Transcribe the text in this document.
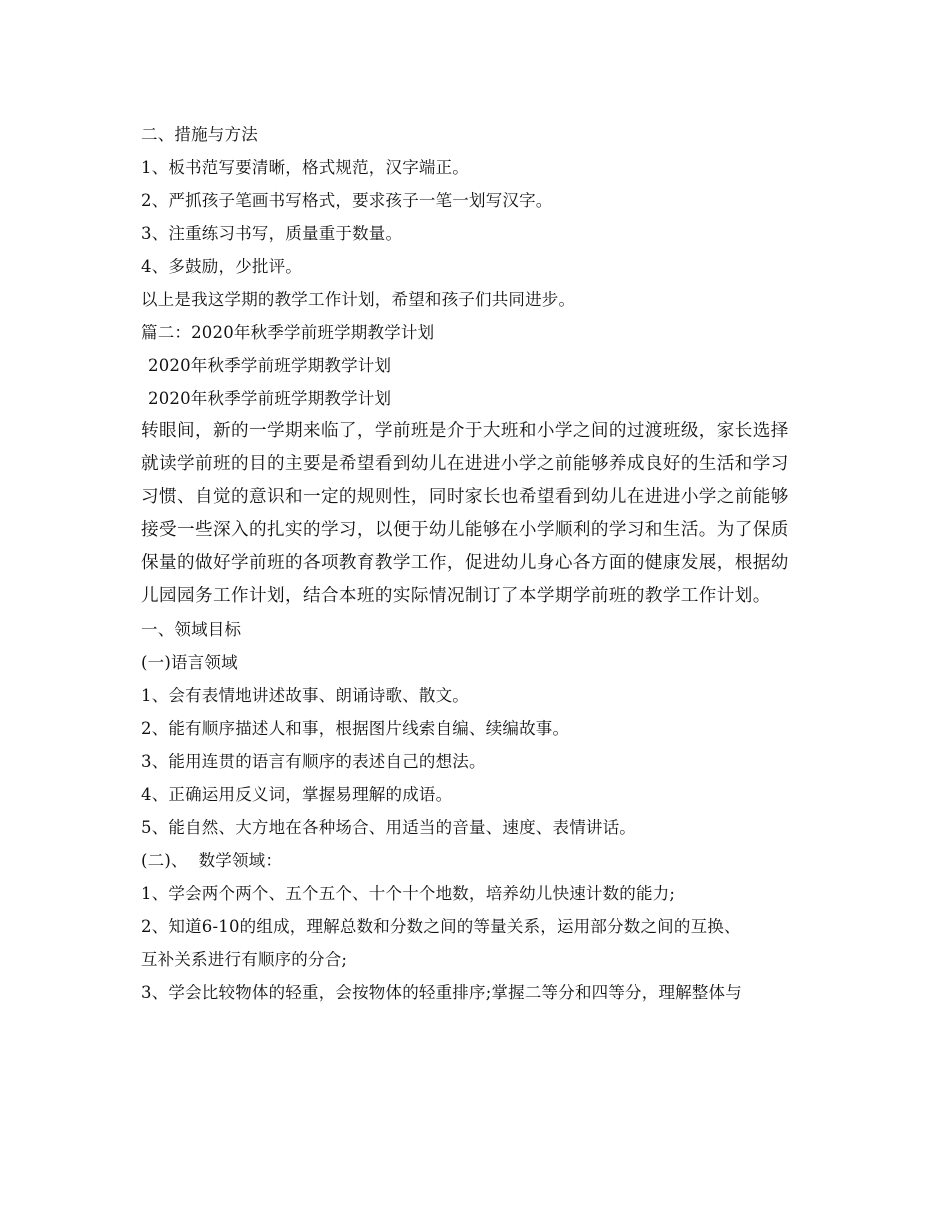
二、措施与方法
1、板书范写要清晰，格式规范，汉字端正。
2、严抓孩子笔画书写格式，要求孩子一笔一划写汉字。
3、注重练习书写，质量重于数量。
4、多鼓励，少批评。
以上是我这学期的教学工作计划，希望和孩子们共同进步。
篇二：2020年秋季学前班学期教学计划
2020年秋季学前班学期教学计划
2020年秋季学前班学期教学计划
转眼间，新的一学期来临了，学前班是介于大班和小学之间的过渡班级，家长选择
就读学前班的目的主要是希望看到幼儿在进进小学之前能够养成良好的生活和学习
习惯、自觉的意识和一定的规则性，同时家长也希望看到幼儿在进进小学之前能够
接受一些深入的扎实的学习，以便于幼儿能够在小学顺利的学习和生活。为了保质
保量的做好学前班的各项教育教学工作，促进幼儿身心各方面的健康发展，根据幼
儿园园务工作计划，结合本班的实际情况制订了本学期学前班的教学工作计划。
一、领域目标
(一)语言领域
1、会有表情地讲述故事、朗诵诗歌、散文。
2、能有顺序描述人和事，根据图片线索自编、续编故事。
3、能用连贯的语言有顺序的表述自己的想法。
4、正确运用反义词，掌握易理解的成语。
5、能自然、大方地在各种场合、用适当的音量、速度、表情讲话。
(二)、  数学领域：
1、学会两个两个、五个五个、十个十个地数，培养幼儿快速计数的能力;
2、知道6-10的组成，理解总数和分数之间的等量关系，运用部分数之间的互换、
互补关系进行有顺序的分合;
3、学会比较物体的轻重，会按物体的轻重排序;掌握二等分和四等分，理解整体与
